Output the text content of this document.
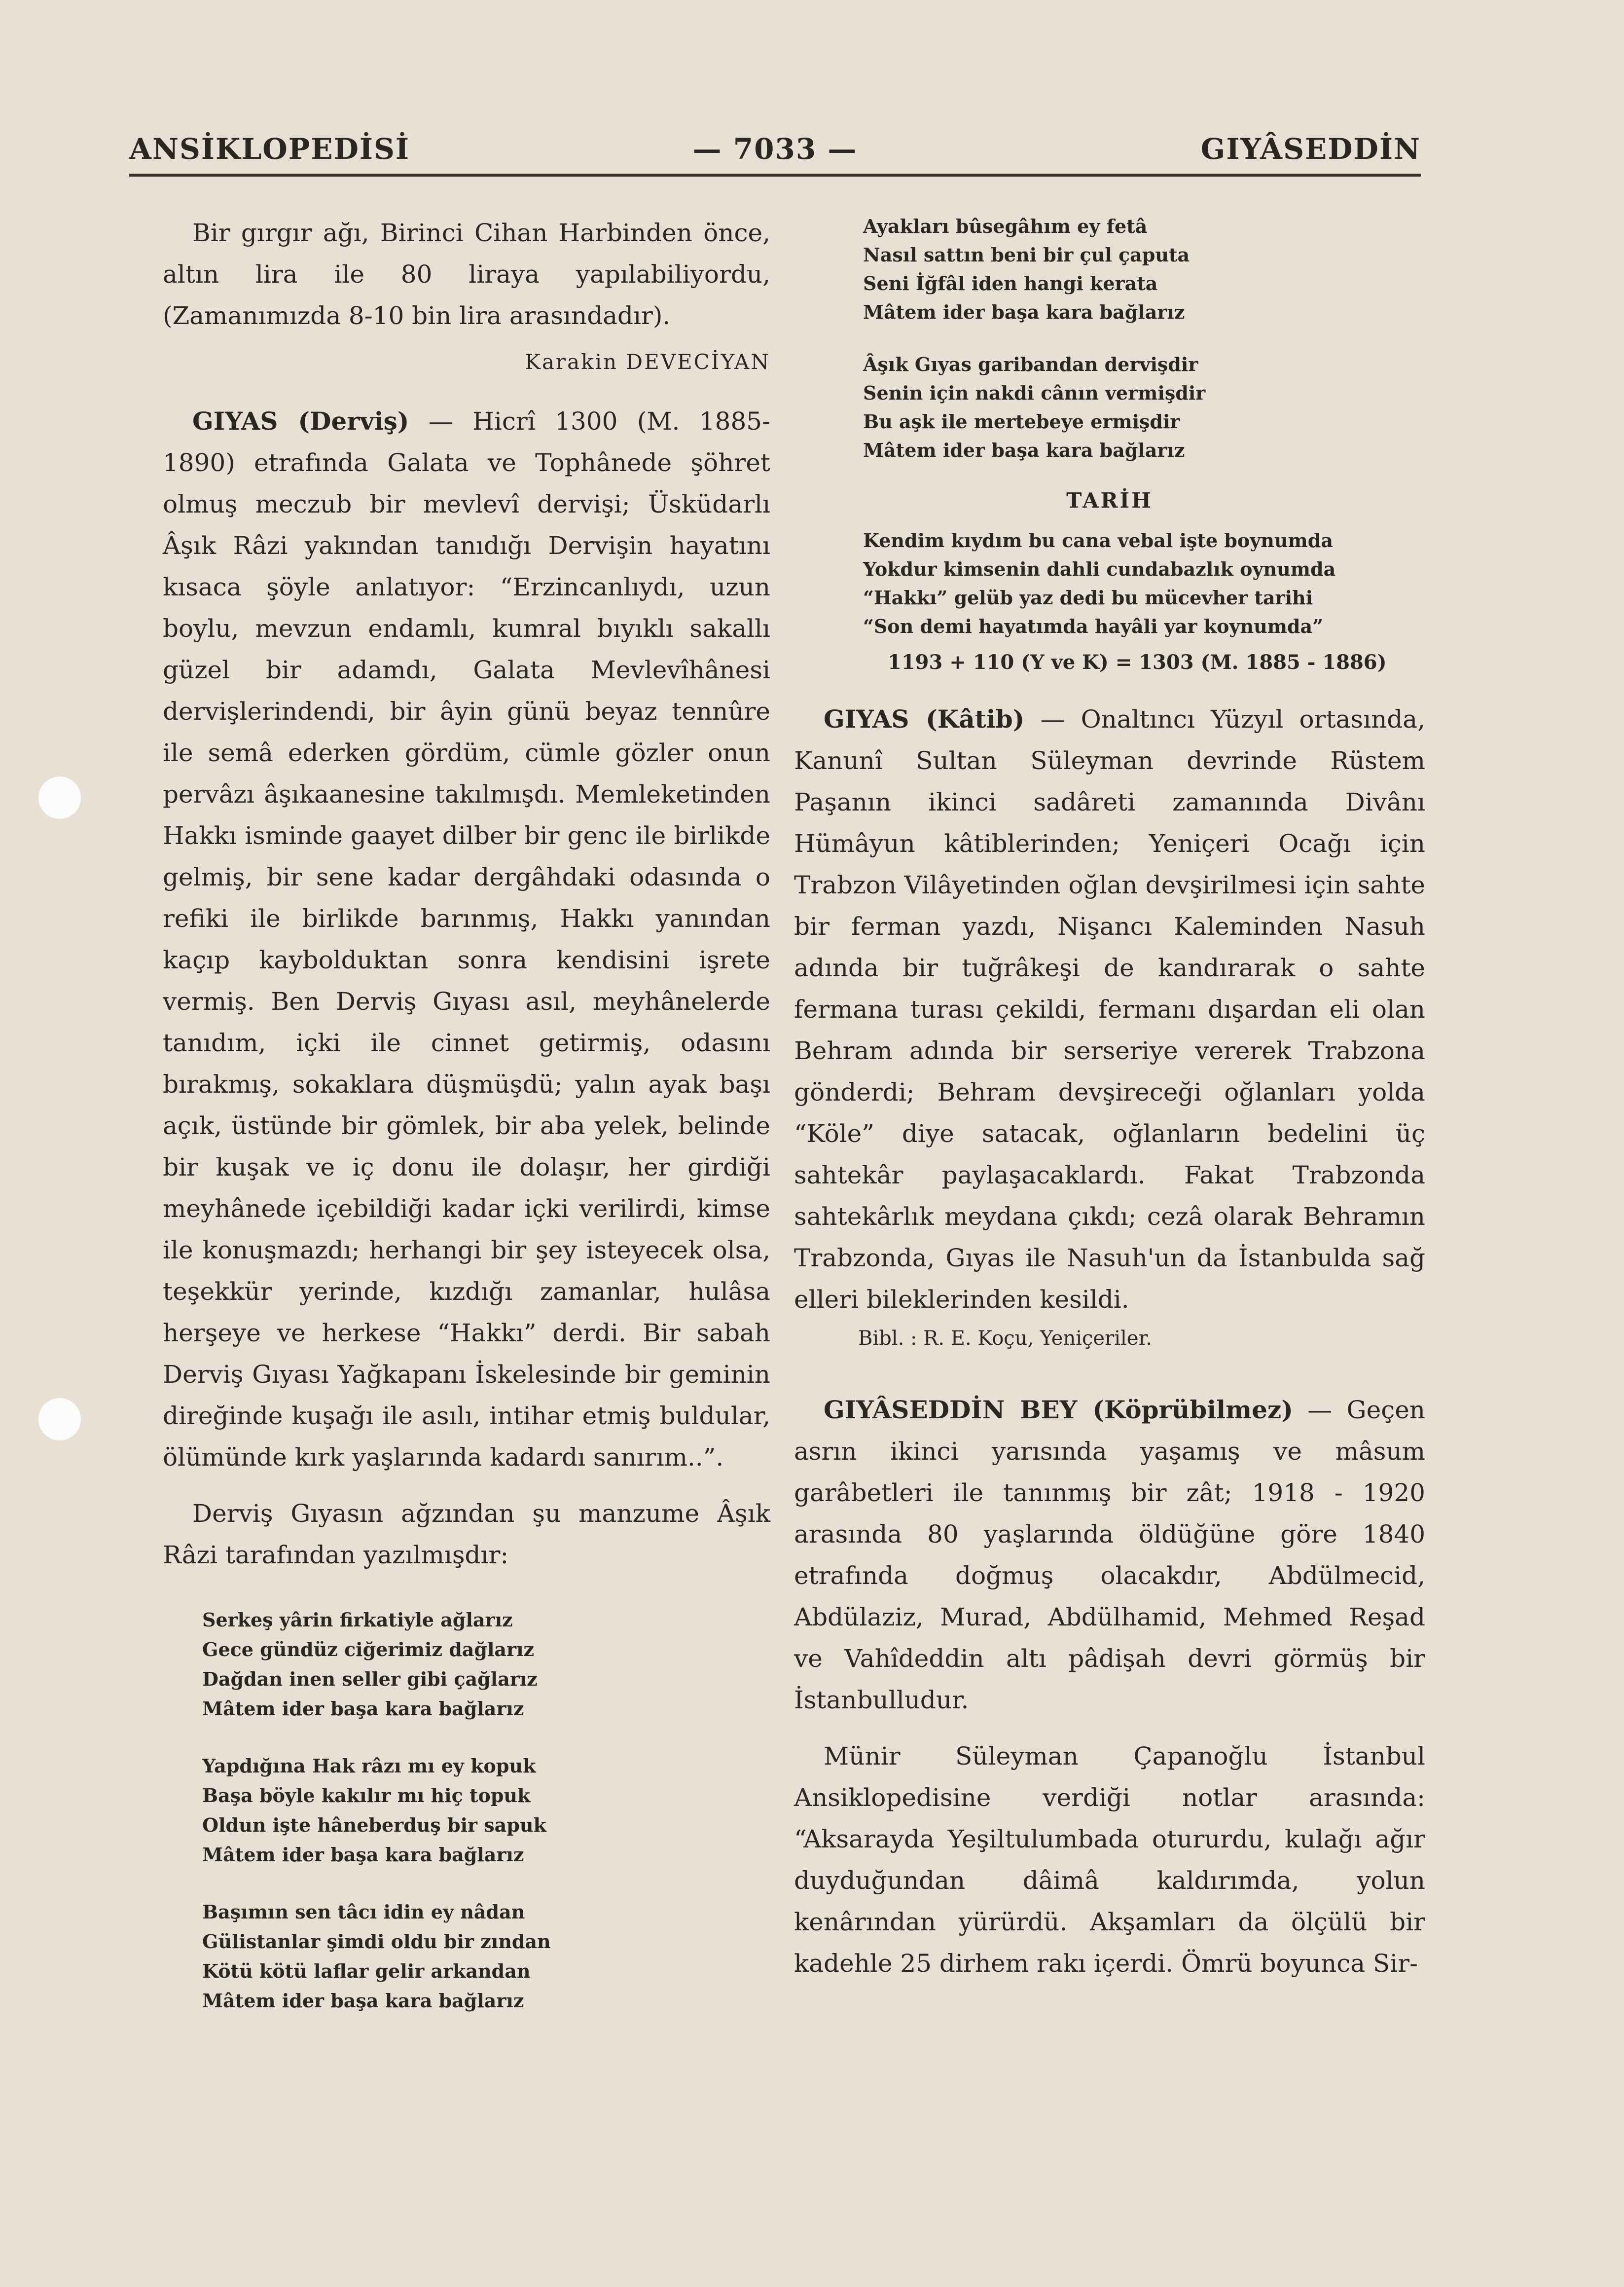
ANSİKLOPEDİSİ	— 7033 —	GIYÂSEDDİN

Bir gırgır ağı, Birinci Cihan Harbinden önce, altın lira ile 80 liraya yapılabiliyordu, (Zamanımızda 8-10 bin lira arasındadır).

Karakin DEVECİYAN

GIYAS (Derviş) — Hicrî 1300 (M. 1885-1890) etrafında Galata ve Tophânede şöhret olmuş meczub bir mevlevî dervişi; Üsküdarlı Âşık Râzi yakından tanıdığı Dervişin hayatını kısaca şöyle anlatıyor: “Erzincanlıydı, uzun boylu, mevzun endamlı, kumral bıyıklı sakallı güzel bir adamdı, Galata Mevlevîhânesi dervişlerindendi, bir âyin günü beyaz tennûre ile semâ ederken gördüm, cümle gözler onun pervâzı âşıkaanesine takılmışdı. Memleketinden Hakkı isminde gaayet dilber bir genc ile birlikde gelmiş, bir sene kadar dergâhdaki odasında o refiki ile birlikde barınmış, Hakkı yanından kaçıp kaybolduktan sonra kendisini işrete vermiş. Ben Derviş Gıyası asıl, meyhânelerde tanıdım, içki ile cinnet getirmiş, odasını bırakmış, sokaklara düşmüşdü; yalın ayak başı açık, üstünde bir gömlek, bir aba yelek, belinde bir kuşak ve iç donu ile dolaşır, her girdiği meyhânede içebildiği kadar içki verilirdi, kimse ile konuşmazdı; herhangi bir şey isteyecek olsa, teşekkür yerinde, kızdığı zamanlar, hulâsa herşeye ve herkese “Hakkı” derdi. Bir sabah Derviş Gıyası Yağkapanı İskelesinde bir geminin direğinde kuşağı ile asılı, intihar etmiş buldular, ölümünde kırk yaşlarında kadardı sanırım..”.

Derviş Gıyasın ağzından şu manzume Âşık Râzi tarafından yazılmışdır:

Serkeş yârin firkatiyle ağlarız
Gece gündüz ciğerimiz dağlarız
Dağdan inen seller gibi çağlarız
Mâtem ider başa kara bağlarız
Yapdığına Hak râzı mı ey kopuk
Başa böyle kakılır mı hiç topuk
Oldun işte hâneberduş bir sapuk
Mâtem ider başa kara bağlarız
Başımın sen tâcı idin ey nâdan
Gülistanlar şimdi oldu bir zından
Kötü kötü laflar gelir arkandan
Mâtem ider başa kara bağlarız
Ayakları bûsegâhım ey fetâ
Nasıl sattın beni bir çul çaputa
Seni İğfâl iden hangi kerata
Mâtem ider başa kara bağlarız
Âşık Gıyas garibandan dervişdir
Senin için nakdi cânın vermişdir
Bu aşk ile mertebeye ermişdir
Mâtem ider başa kara bağlarız
TARİH
Kendim kıydım bu cana vebal işte boynumda
Yokdur kimsenin dahli cundabazlık oynumda
“Hakkı” gelüb yaz dedi bu mücevher tarihi
“Son demi hayatımda hayâli yar koynumda”
1193 + 110 (Y ve K) = 1303 (M. 1885 - 1886)

GIYAS (Kâtib) — Onaltıncı Yüzyıl ortasında, Kanunî Sultan Süleyman devrinde Rüstem Paşanın ikinci sadâreti zamanında Divânı Hümâyun kâtiblerinden; Yeniçeri Ocağı için Trabzon Vilâyetinden oğlan devşirilmesi için sahte bir ferman yazdı, Nişancı Kaleminden Nasuh adında bir tuğrâkeşi de kandırarak o sahte fermana turası çekildi, fermanı dışardan eli olan Behram adında bir serseriye vererek Trabzona gönderdi; Behram devşireceği oğlanları yolda “Köle” diye satacak, oğlanların bedelini üç sahtekâr paylaşacaklardı. Fakat Trabzonda sahtekârlık meydana çıkdı; cezâ olarak Behramın Trabzonda, Gıyas ile Nasuh'un da İstanbulda sağ elleri bileklerinden kesildi.

Bibl. : R. E. Koçu, Yeniçeriler.

GIYÂSEDDİN BEY (Köprübilmez) — Geçen asrın ikinci yarısında yaşamış ve mâsum garâbetleri ile tanınmış bir zât; 1918 - 1920 arasında 80 yaşlarında öldüğüne göre 1840 etrafında doğmuş olacakdır, Abdülmecid, Abdülaziz, Murad, Abdülhamid, Mehmed Reşad ve Vahîdeddin altı pâdişah devri görmüş bir İstanbulludur.

Münir Süleyman Çapanoğlu İstanbul Ansiklopedisine verdiği notlar arasında: “Aksarayda Yeşiltulumbada otururdu, kulağı ağır duyduğundan dâimâ kaldırımda, yolun kenârından yürürdü. Akşamları da ölçülü bir kadehle 25 dirhem rakı içerdi. Ömrü boyunca Sir-
